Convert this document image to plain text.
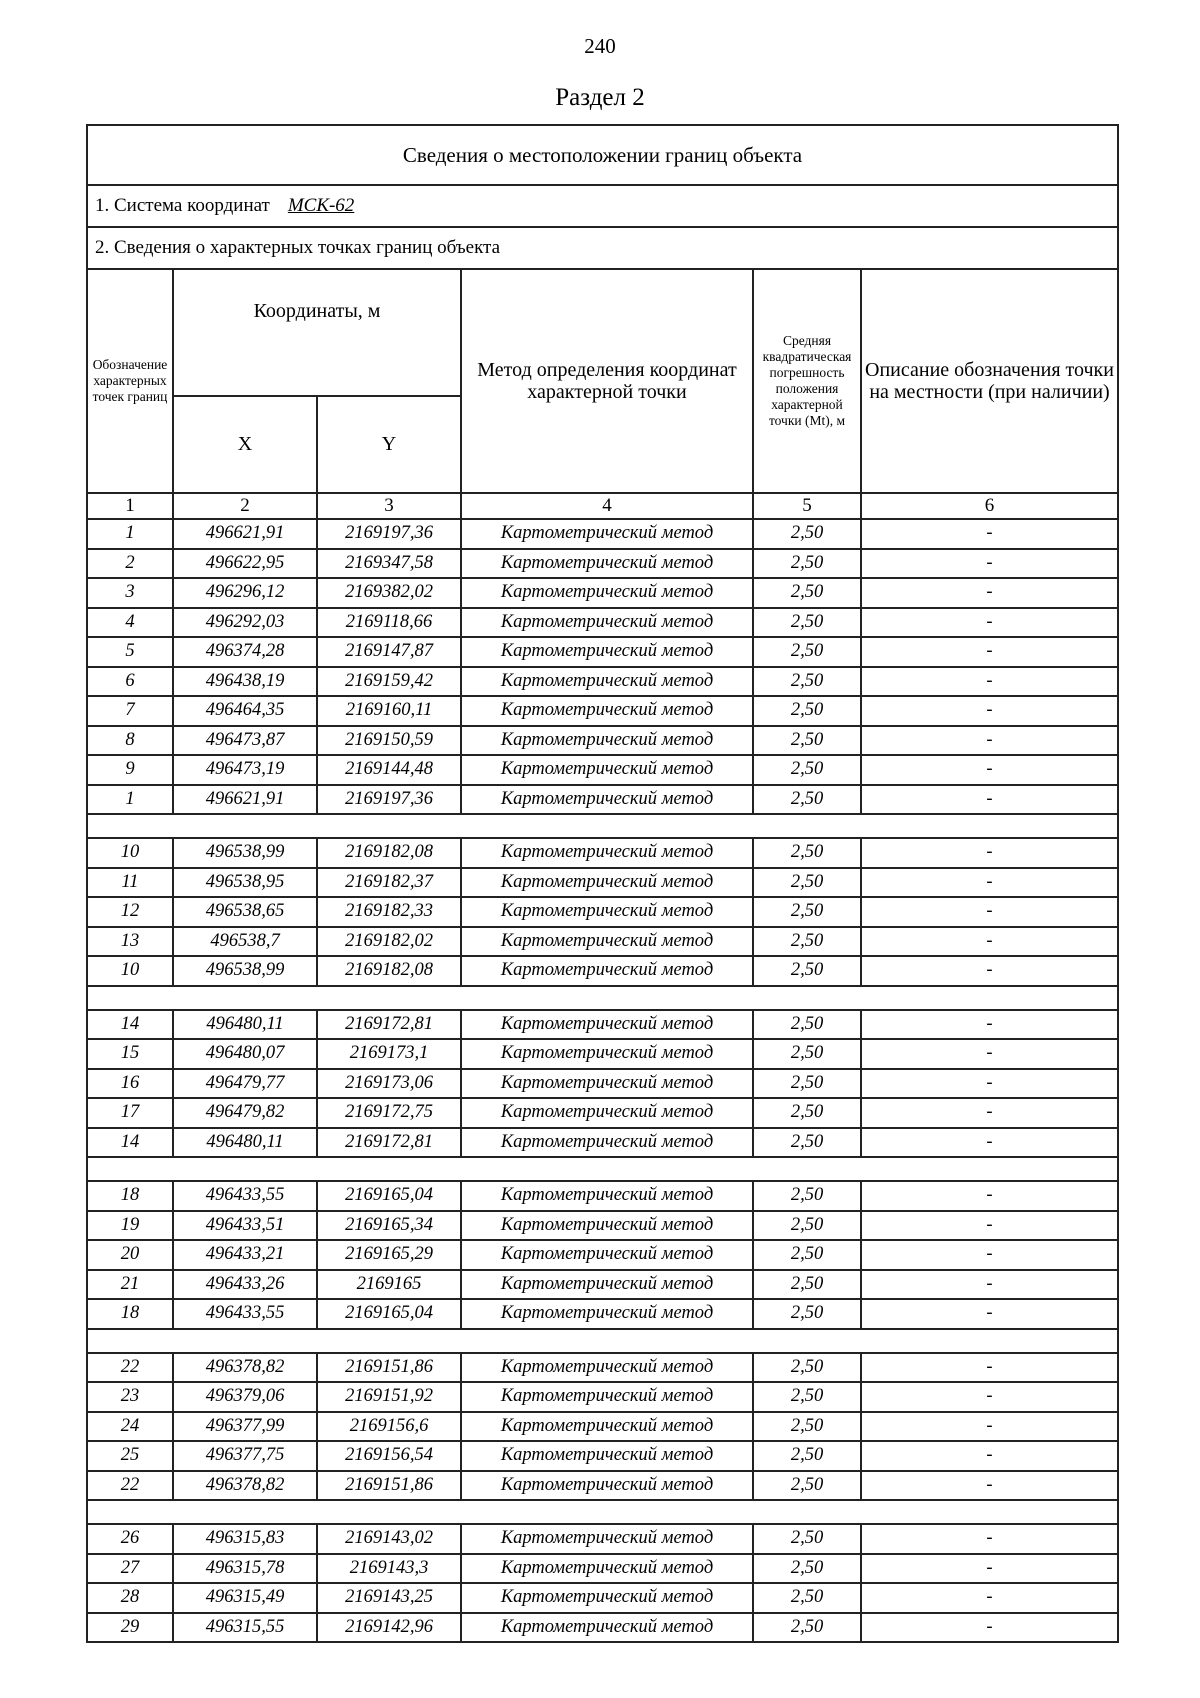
240
Раздел 2
Сведения о местоположении границ объекта					
1. Система координат МСК-62					
2. Сведения о характерных точках границ объекта					
Обозначение характерных точек границ	Координаты, м		Метод определения координат характерной точки	Средняя квадратическая погрешность положения характерной точки (Mt), м	Описание обозначения точки на местности (при наличии)
	X	Y			
1	2	3	4	5	6
1	496621,91	2169197,36	Картометрический метод	2,50	-
2	496622,95	2169347,58	Картометрический метод	2,50	-
3	496296,12	2169382,02	Картометрический метод	2,50	-
4	496292,03	2169118,66	Картометрический метод	2,50	-
5	496374,28	2169147,87	Картометрический метод	2,50	-
6	496438,19	2169159,42	Картометрический метод	2,50	-
7	496464,35	2169160,11	Картометрический метод	2,50	-
8	496473,87	2169150,59	Картометрический метод	2,50	-
9	496473,19	2169144,48	Картометрический метод	2,50	-
1	496621,91	2169197,36	Картометрический метод	2,50	-

10	496538,99	2169182,08	Картометрический метод	2,50	-
11	496538,95	2169182,37	Картометрический метод	2,50	-
12	496538,65	2169182,33	Картометрический метод	2,50	-
13	496538,7	2169182,02	Картометрический метод	2,50	-
10	496538,99	2169182,08	Картометрический метод	2,50	-

14	496480,11	2169172,81	Картометрический метод	2,50	-
15	496480,07	2169173,1	Картометрический метод	2,50	-
16	496479,77	2169173,06	Картометрический метод	2,50	-
17	496479,82	2169172,75	Картометрический метод	2,50	-
14	496480,11	2169172,81	Картометрический метод	2,50	-

18	496433,55	2169165,04	Картометрический метод	2,50	-
19	496433,51	2169165,34	Картометрический метод	2,50	-
20	496433,21	2169165,29	Картометрический метод	2,50	-
21	496433,26	2169165	Картометрический метод	2,50	-
18	496433,55	2169165,04	Картометрический метод	2,50	-

22	496378,82	2169151,86	Картометрический метод	2,50	-
23	496379,06	2169151,92	Картометрический метод	2,50	-
24	496377,99	2169156,6	Картометрический метод	2,50	-
25	496377,75	2169156,54	Картометрический метод	2,50	-
22	496378,82	2169151,86	Картометрический метод	2,50	-

26	496315,83	2169143,02	Картометрический метод	2,50	-
27	496315,78	2169143,3	Картометрический метод	2,50	-
28	496315,49	2169143,25	Картометрический метод	2,50	-
29	496315,55	2169142,96	Картометрический метод	2,50	-
